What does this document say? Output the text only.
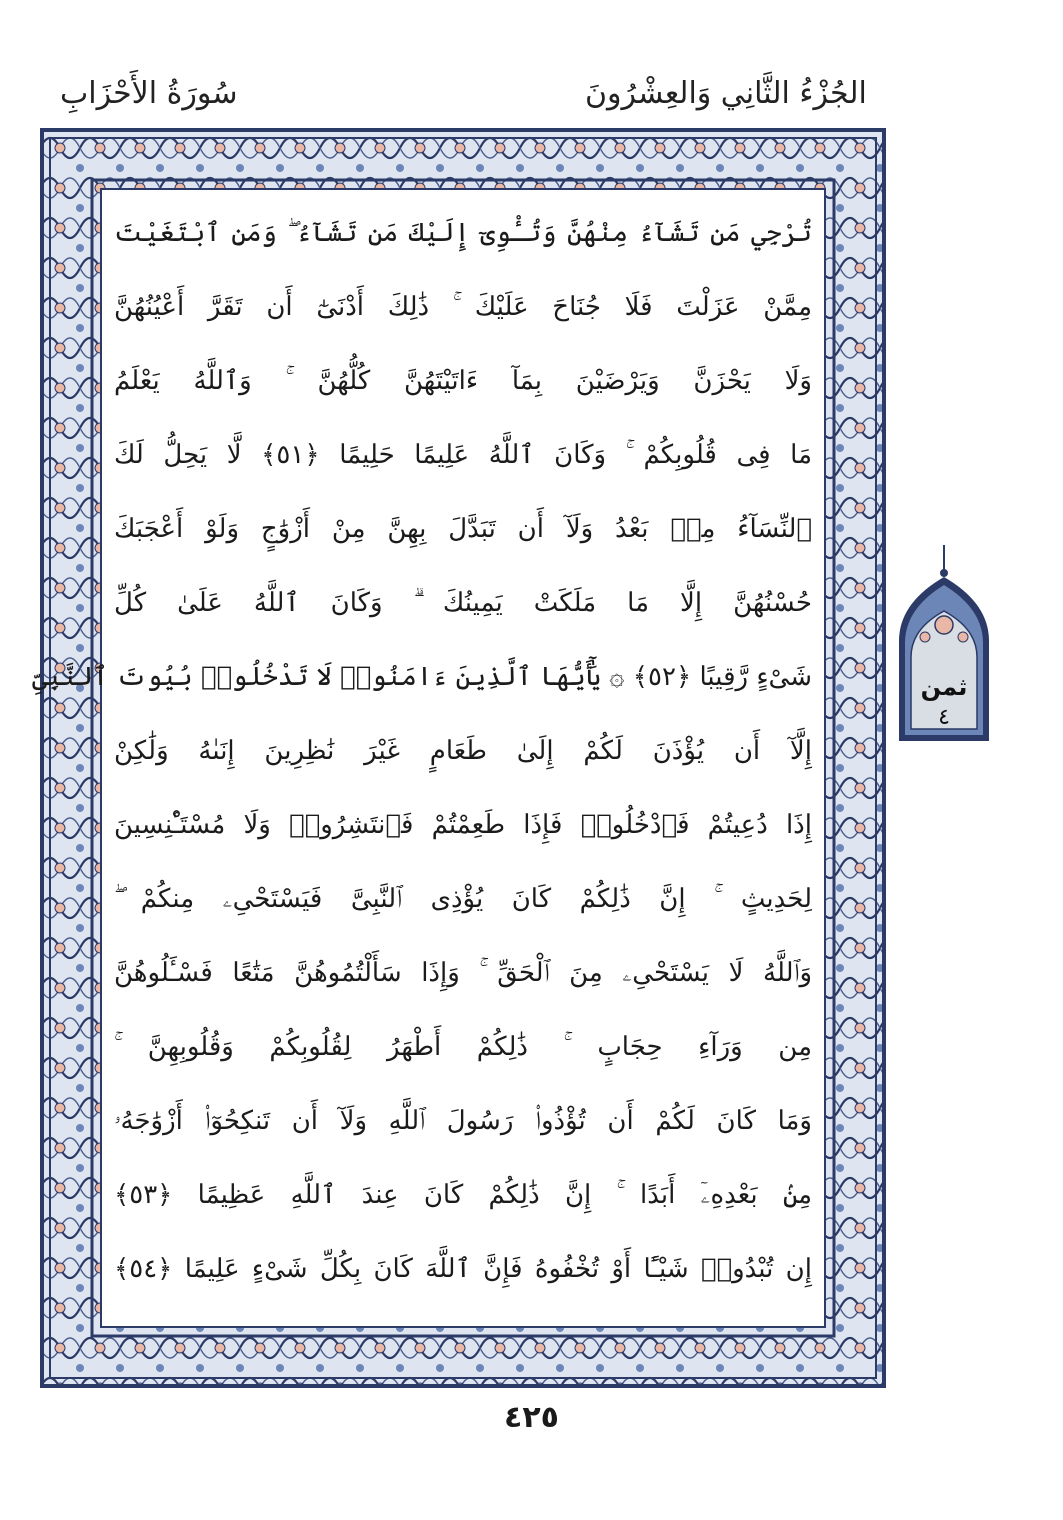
الجُزْءُ الثَّانِي وَالعِشْرُونَ
سُورَةُ الأَحْزَابِ
تُرْجِي مَن تَشَآءُ مِنْهُنَّ وَتُـْٔوِىٓ إِلَيْكَ مَن تَشَآءُ ۖ وَمَنِ ٱبْتَغَيْتَ
مِمَّنْ عَزَلْتَ فَلَا جُنَاحَ عَلَيْكَ ۚ ذَٰلِكَ أَدْنَىٰٓ أَن تَقَرَّ أَعْيُنُهُنَّ
وَلَا يَحْزَنَّ وَيَرْضَيْنَ بِمَآ ءَاتَيْتَهُنَّ كُلُّهُنَّ ۚ وَٱللَّهُ يَعْلَمُ
مَا فِى قُلُوبِكُمْ ۚ وَكَانَ ٱللَّهُ عَلِيمًا حَلِيمًا ﴿٥١﴾ لَّا يَحِلُّ لَكَ
ٱلنِّسَآءُ مِنۢ بَعْدُ وَلَآ أَن تَبَدَّلَ بِهِنَّ مِنْ أَزْوَٰجٍ وَلَوْ أَعْجَبَكَ
حُسْنُهُنَّ إِلَّا مَا مَلَكَتْ يَمِينُكَ ۗ وَكَانَ ٱللَّهُ عَلَىٰ كُلِّ
شَىْءٍ رَّقِيبًا ﴿٥٢﴾ ۞ يَٰٓأَيُّهَا ٱلَّذِينَ ءَامَنُوا۟ لَا تَدْخُلُوا۟ بُيُوتَ ٱلنَّبِىِّ
إِلَّآ أَن يُؤْذَنَ لَكُمْ إِلَىٰ طَعَامٍ غَيْرَ نَٰظِرِينَ إِنَىٰهُ وَلَٰكِنْ
إِذَا دُعِيتُمْ فَٱدْخُلُوا۟ فَإِذَا طَعِمْتُمْ فَٱنتَشِرُوا۟ وَلَا مُسْتَـْٔنِسِينَ
لِحَدِيثٍ ۚ إِنَّ ذَٰلِكُمْ كَانَ يُؤْذِى ٱلنَّبِىَّ فَيَسْتَحْىِۦ مِنكُمْ ۖ
وَٱللَّهُ لَا يَسْتَحْىِۦ مِنَ ٱلْحَقِّ ۚ وَإِذَا سَأَلْتُمُوهُنَّ مَتَٰعًا فَسْـَٔلُوهُنَّ
مِن وَرَآءِ حِجَابٍ ۚ ذَٰلِكُمْ أَطْهَرُ لِقُلُوبِكُمْ وَقُلُوبِهِنَّ ۚ
وَمَا كَانَ لَكُمْ أَن تُؤْذُوا۟ رَسُولَ ٱللَّهِ وَلَآ أَن تَنكِحُوٓا۟ أَزْوَٰجَهُۥ
مِنۢ بَعْدِهِۦٓ أَبَدًا ۚ إِنَّ ذَٰلِكُمْ كَانَ عِندَ ٱللَّهِ عَظِيمًا ﴿٥٣﴾
إِن تُبْدُوا۟ شَيْـًٔا أَوْ تُخْفُوهُ فَإِنَّ ٱللَّهَ كَانَ بِكُلِّ شَىْءٍ عَلِيمًا ﴿٥٤﴾
ثمن
٤
٤٢٥
